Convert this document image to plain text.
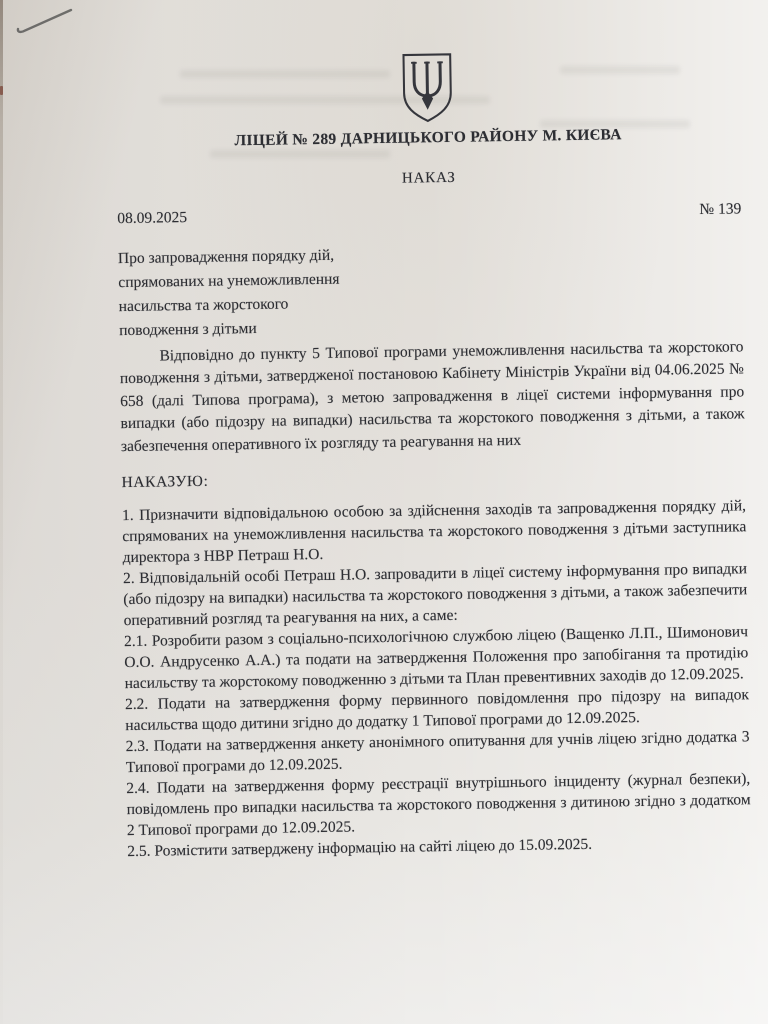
ЛІЦЕЙ № 289 ДАРНИЦЬКОГО РАЙОНУ М. КИЄВА
НАКАЗ
08.09.2025	№ 139
Про запровадження порядку дій,
спрямованих на унеможливлення
насильства та жорстокого
поводження з дітьми

Відповідно до пункту 5 Типової програми унеможливлення насильства та жорстокого поводження з дітьми, затвердженої постановою Кабінету Міністрів України від 04.06.2025 № 658 (далі Типова програма), з метою запровадження в ліцеї системи інформування про випадки (або підозру на випадки) насильства та жорстокого поводження з дітьми, а також забезпечення оперативного їх розгляду та реагування на них

НАКАЗУЮ:

1. Призначити відповідальною особою за здійснення заходів та запровадження порядку дій, спрямованих на унеможливлення насильства та жорстокого поводження з дітьми заступника директора з НВР Петраш Н.О.

2. Відповідальній особі Петраш Н.О. запровадити в ліцеї систему інформування про випадки (або підозру на випадки) насильства та жорстокого поводження з дітьми, а також забезпечити оперативний розгляд та реагування на них, а саме:

2.1. Розробити разом з соціально-психологічною службою ліцею (Ващенко Л.П., Шимонович О.О. Андрусенко А.А.) та подати на затвердження Положення про запобігання та протидію насильству та жорстокому поводженню з дітьми та План превентивних заходів до 12.09.2025.

2.2. Подати на затвердження форму первинного повідомлення про підозру на випадок насильства щодо дитини згідно до додатку 1 Типової програми до 12.09.2025.

2.3. Подати на затвердження анкету анонімного опитування для учнів ліцею згідно додатка 3 Типової програми до 12.09.2025.

2.4. Подати на затвердження форму реєстрації внутрішнього інциденту (журнал безпеки), повідомлень про випадки насильства та жорстокого поводження з дитиною згідно з додатком 2 Типової програми до 12.09.2025.

2.5. Розмістити затверджену інформацію на сайті ліцею до 15.09.2025.
